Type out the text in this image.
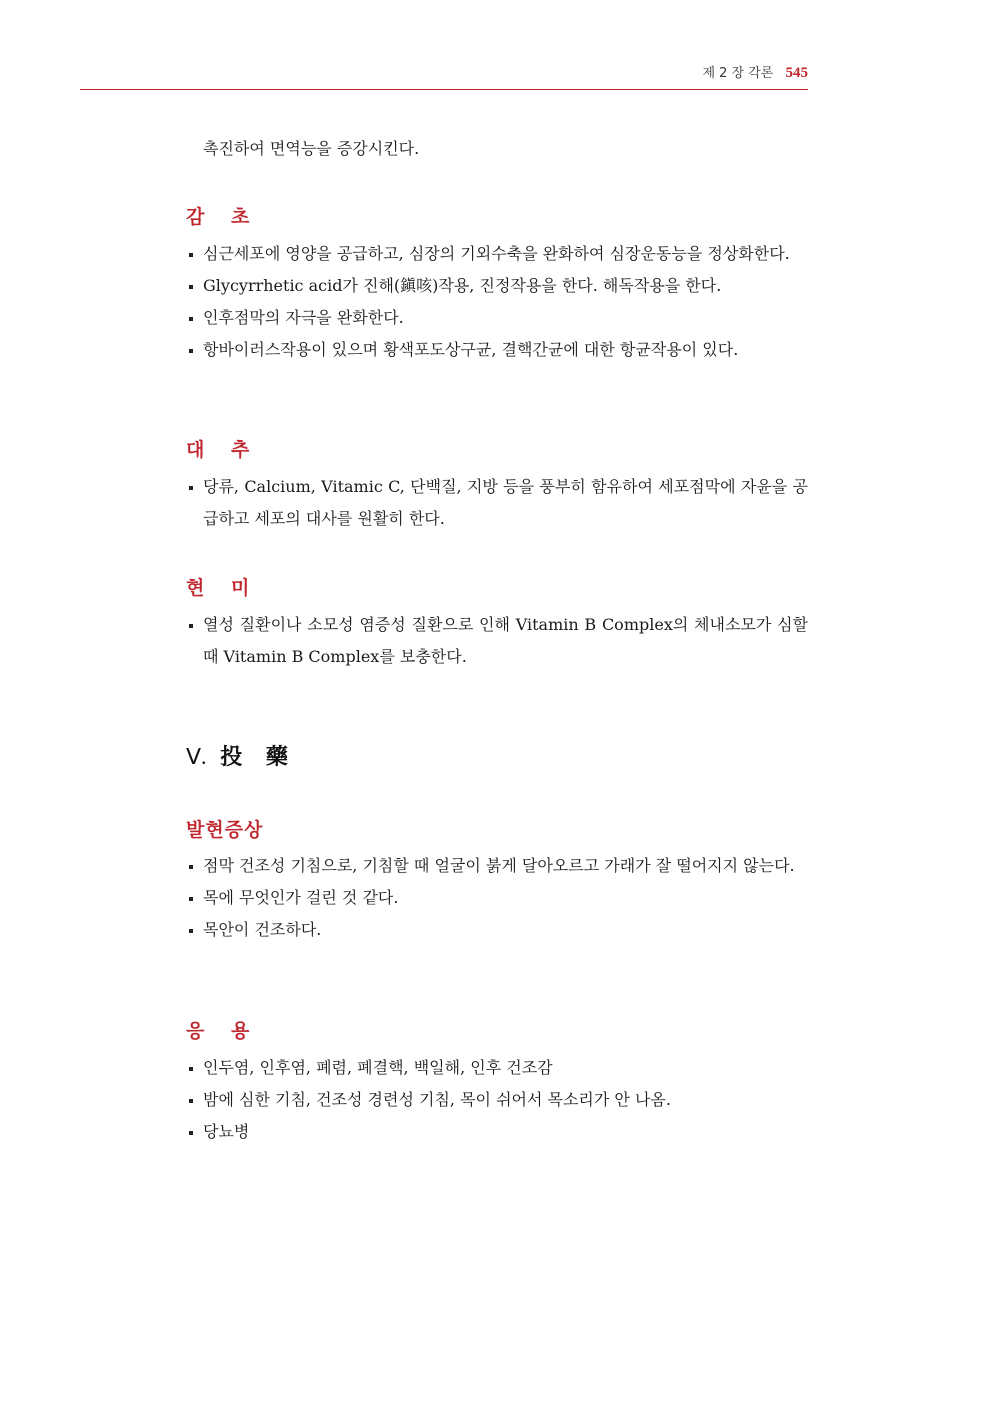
제 2 장 각론 545
촉진하여 면역능을 증강시킨다.
감 초
심근세포에 영양을 공급하고, 심장의 기외수축을 완화하여 심장운동능을 정상화한다.
Glycyrrhetic acid가 진해(鎭咳)작용, 진정작용을 한다. 해독작용을 한다.
인후점막의 자극을 완화한다.
항바이러스작용이 있으며 황색포도상구균, 결핵간균에 대한 항균작용이 있다.
대 추
당류, Calcium, Vitamic C, 단백질, 지방 등을 풍부히 함유하여 세포점막에 자윤을 공급하고 세포의 대사를 원활히 한다.
현 미
열성 질환이나 소모성 염증성 질환으로 인해 Vitamin B Complex의 체내소모가 심할 때 Vitamin B Complex를 보충한다.
Ⅴ. 投 藥
발현증상
점막 건조성 기침으로, 기침할 때 얼굴이 붉게 달아오르고 가래가 잘 떨어지지 않는다.
목에 무엇인가 걸린 것 같다.
목안이 건조하다.
응 용
인두염, 인후염, 폐렴, 폐결핵, 백일해, 인후 건조감
밤에 심한 기침, 건조성 경련성 기침, 목이 쉬어서 목소리가 안 나옴.
당뇨병
